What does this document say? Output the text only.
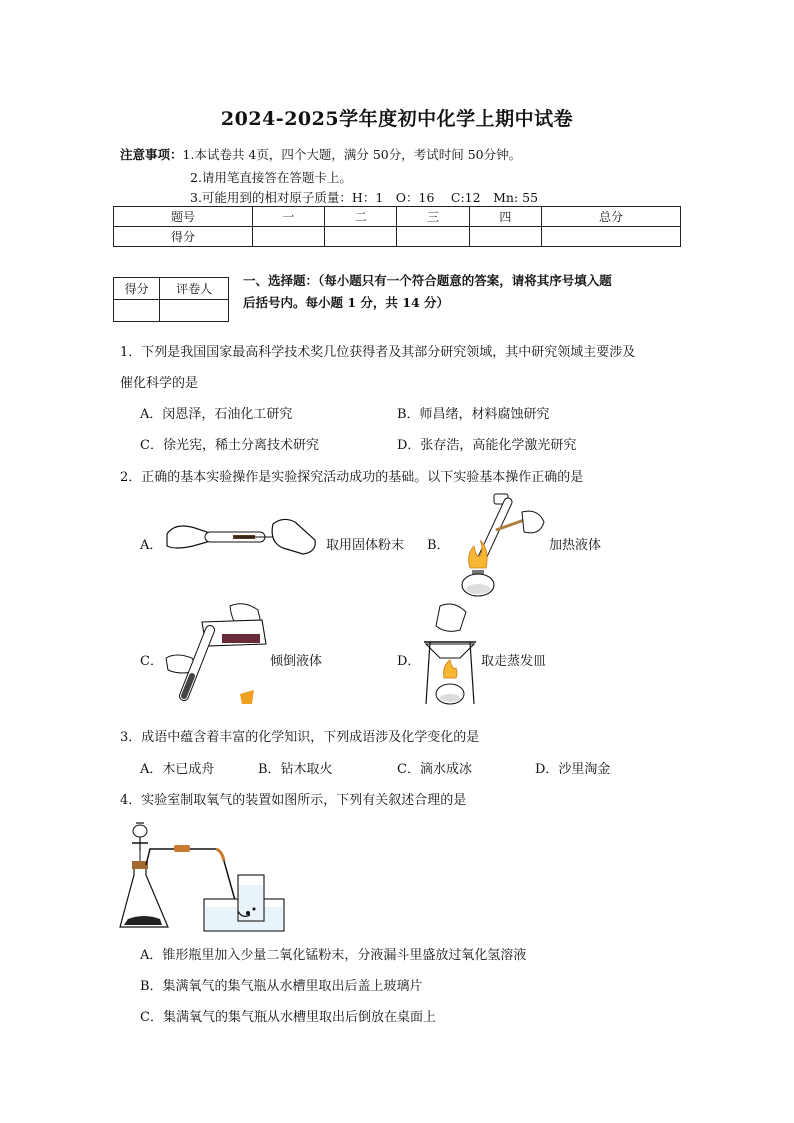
2024-2025学年度初中化学上期中试卷
注意事项：1.本试卷共 4页，四个大题，满分 50分，考试时间 50分钟。
2.请用笔直接答在答题卡上。
3.可能用到的相对原子质量：H：1　O：16　 C:12　Mn: 55
题号	一	二	三	四	总分
得分					
得分	评卷人

一、选择题：（每小题只有一个符合题意的答案，请将其序号填入题
后括号内。每小题 1 分，共 14 分）
1．下列是我国国家最高科学技术奖几位获得者及其部分研究领域，其中研究领域主要涉及
催化科学的是
A．闵恩泽，石油化工研究	B．师昌绪，材料腐蚀研究
C．徐光宪，稀土分离技术研究	D．张存浩，高能化学激光研究
2．正确的基本实验操作是实验探究活动成功的基础。以下实验基本操作正确的是
A．	取用固体粉末 B．	加热液体
C．	倾倒液体	D．	取走蒸发皿
3．成语中蕴含着丰富的化学知识，下列成语涉及化学变化的是
A．木已成舟	B．钻木取火	C．滴水成冰	D．沙里淘金
4．实验室制取氧气的装置如图所示，下列有关叙述合理的是
A．锥形瓶里加入少量二氧化锰粉末，分液漏斗里盛放过氧化氢溶液
B．集满氧气的集气瓶从水槽里取出后盖上玻璃片
C．集满氧气的集气瓶从水槽里取出后倒放在桌面上
